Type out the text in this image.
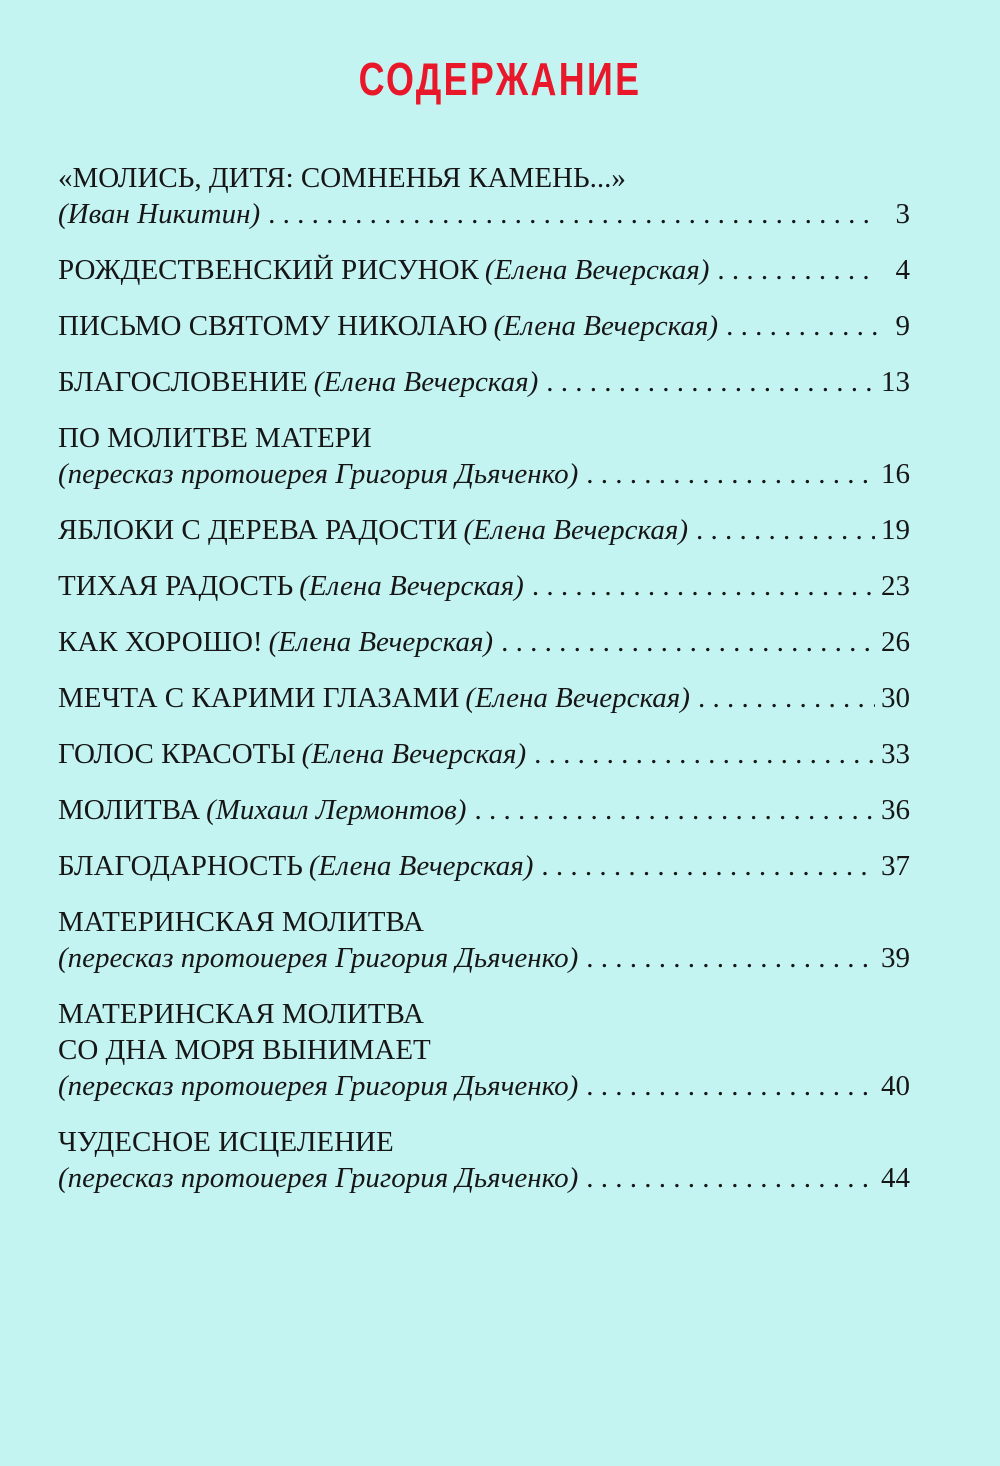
СОДЕРЖАНИЕ
«МОЛИСЬ, ДИТЯ: СОМНЕНЬЯ КАМЕНЬ...»
(Иван Никитин) . . .	3
РОЖДЕСТВЕНСКИЙ РИСУНОК (Елена Вечерская) . . .	4
ПИСЬМО СВЯТОМУ НИКОЛАЮ (Елена Вечерская) . . .	9
БЛАГОСЛОВЕНИЕ (Елена Вечерская) . . .	13
ПО МОЛИТВЕ МАТЕРИ
(пересказ протоиерея Григория Дьяченко) . . .	16
ЯБЛОКИ С ДЕРЕВА РАДОСТИ (Елена Вечерская) . . .	19
ТИХАЯ РАДОСТЬ (Елена Вечерская) . . .	23
КАК ХОРОШО! (Елена Вечерская) . . .	26
МЕЧТА С КАРИМИ ГЛАЗАМИ (Елена Вечерская) . . .	30
ГОЛОС КРАСОТЫ (Елена Вечерская) . . .	33
МОЛИТВА (Михаил Лермонтов) . . .	36
БЛАГОДАРНОСТЬ (Елена Вечерская) . . .	37
МАТЕРИНСКАЯ МОЛИТВА
(пересказ протоиерея Григория Дьяченко) . . .	39
МАТЕРИНСКАЯ МОЛИТВА
СО ДНА МОРЯ ВЫНИМАЕТ
(пересказ протоиерея Григория Дьяченко) . . .	40
ЧУДЕСНОЕ ИСЦЕЛЕНИЕ
(пересказ протоиерея Григория Дьяченко) . . .	44
